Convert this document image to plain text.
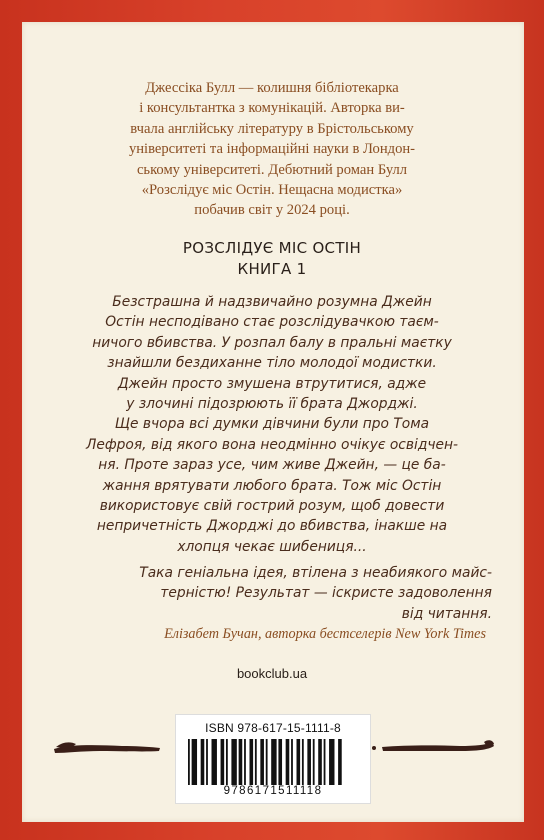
Джессіка Булл — колишня бібліотекарка
і консультантка з комунікацій. Авторка ви-
вчала англійську літературу в Брістольському
університеті та інформаційні науки в Лондон-
ському університеті. Дебютний роман Булл
«Розслідує міс Остін. Нещасна модистка»
побачив світ у 2024 році.
РОЗСЛІДУЄ МІС ОСТІН
КНИГА 1
Безстрашна й надзвичайно розумна Джейн
Остін несподівано стає розслідувачкою таєм-
ничого вбивства. У розпал балу в пральні маєтку
знайшли бездиханне тіло молодої модистки.
Джейн просто змушена втрутитися, адже
у злочині підозрюють її брата Джорджі.
Ще вчора всі думки дівчини були про Тома
Лефроя, від якого вона неодмінно очікує освідчен-
ня. Проте зараз усе, чим живе Джейн, — це ба-
жання врятувати любого брата. Тож міс Остін
використовує свій гострий розум, щоб довести
непричетність Джорджі до вбивства, інакше на
хлопця чекає шибениця...
Така геніальна ідея, втілена з неабиякого майс-
терністю! Результат — іскристе задоволення
від читання.
Елізабет Бучан, авторка бестселерів New York Times
bookclub.ua
ISBN 978-617-15-1111-8
9786171511118
